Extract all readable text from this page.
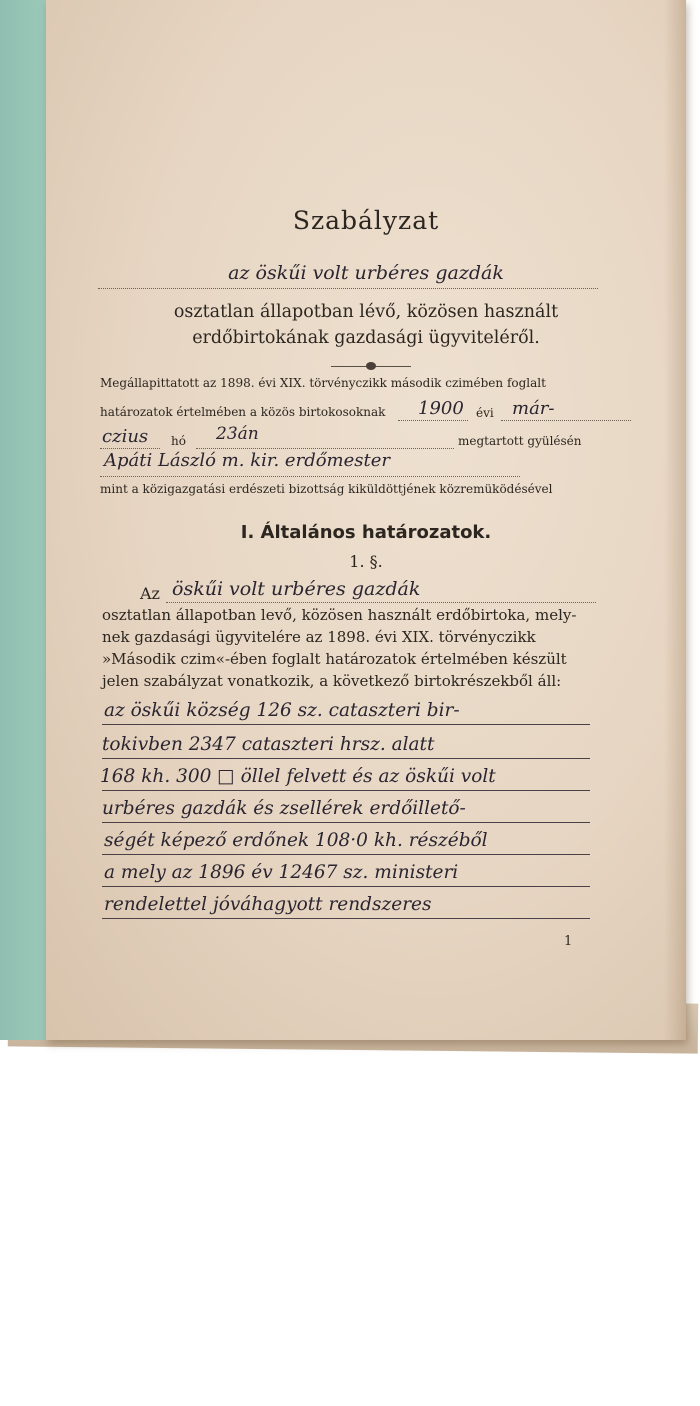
Szabályzat
az öskűi volt urbéres gazdák
osztatlan állapotban lévő, közösen használt
erdőbirtokának gazdasági ügyviteléről.
Megállapittatott az 1898. évi XIX. törvényczikk második czimében foglalt
határozatok értelmében a közös birtokosoknak 1900 évi már-
czius hó 23án	megtartott gyülésén
Apáti László m. kir. erdőmester
mint a közigazgatási erdészeti bizottság kiküldöttjének közremüködésével
I. Általános határozatok.
1. §.
Az öskűi volt urbéres gazdák
osztatlan állapotban levő, közösen használt erdőbirtoka, mely-
nek gazdasági ügyvitelére az 1898. évi XIX. törvényczikk
»Második czim«-ében foglalt határozatok értelmében készült
jelen szabályzat vonatkozik, a következő birtokrészekből áll:
az öskűi község 126 sz. cataszteri bir-
tokivben 2347 cataszteri hrsz. alatt
168 kh. 300 □ öllel felvett és az öskűi volt
urbéres gazdák és zsellérek erdőillető-
ségét képező erdőnek 108·0 kh. részéből
a mely az 1896 év 12467 sz. ministeri
rendelettel jóváhagyott rendszeres
1
